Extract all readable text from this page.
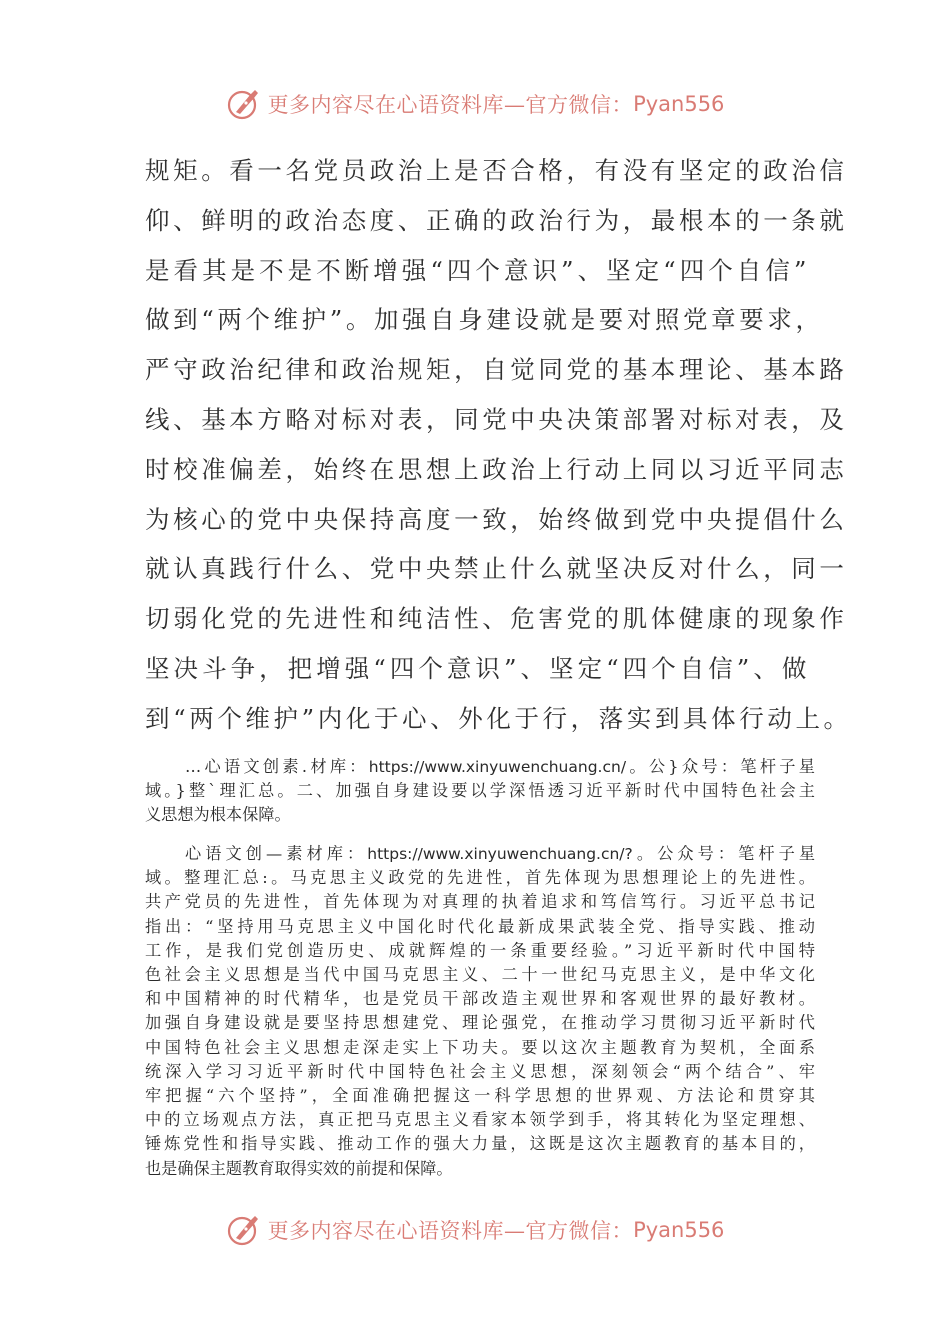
更多内容尽在心语资料库—官方微信： Pyan556
规矩。看一名党员政治上是否合格，有没有坚定的政治信
仰、鲜明的政治态度、正确的政治行为，最根本的一条就
是看其是不是不断增强“四个意识”、坚定“四个自信”
做到“两个维护”。加强自身建设就是要对照党章要求，
严守政治纪律和政治规矩，自觉同党的基本理论、基本路
线、基本方略对标对表，同党中央决策部署对标对表，及
时校准偏差，始终在思想上政治上行动上同以习近平同志
为核心的党中央保持高度一致，始终做到党中央提倡什么
就认真践行什么、党中央禁止什么就坚决反对什么，同一
切弱化党的先进性和纯洁性、危害党的肌体健康的现象作
坚决斗争，把增强“四个意识”、坚定“四个自信”、做
到“两个维护”内化于心、外化于行，落实到具体行动上。
…心语文创素.材库：https://www.xinyuwenchuang.cn/。公}众号：笔杆子星
域。}整`理汇总。二、加强自身建设要以学深悟透习近平新时代中国特色社会主
义思想为根本保障。
心语文创—素材库：https://www.xinyuwenchuang.cn/?。公众号：笔杆子星
域。整理汇总:。马克思主义政党的先进性，首先体现为思想理论上的先进性。
共产党员的先进性，首先体现为对真理的执着追求和笃信笃行。习近平总书记
指出：“坚持用马克思主义中国化时代化最新成果武装全党、指导实践、推动
工作，是我们党创造历史、成就辉煌的一条重要经验。”习近平新时代中国特
色社会主义思想是当代中国马克思主义、二十一世纪马克思主义，是中华文化
和中国精神的时代精华，也是党员干部改造主观世界和客观世界的最好教材。
加强自身建设就是要坚持思想建党、理论强党，在推动学习贯彻习近平新时代
中国特色社会主义思想走深走实上下功夫。要以这次主题教育为契机，全面系
统深入学习习近平新时代中国特色社会主义思想，深刻领会“两个结合”、牢
牢把握“六个坚持”，全面准确把握这一科学思想的世界观、方法论和贯穿其
中的立场观点方法，真正把马克思主义看家本领学到手，将其转化为坚定理想、
锤炼党性和指导实践、推动工作的强大力量，这既是这次主题教育的基本目的，
也是确保主题教育取得实效的前提和保障。
更多内容尽在心语资料库—官方微信： Pyan556
